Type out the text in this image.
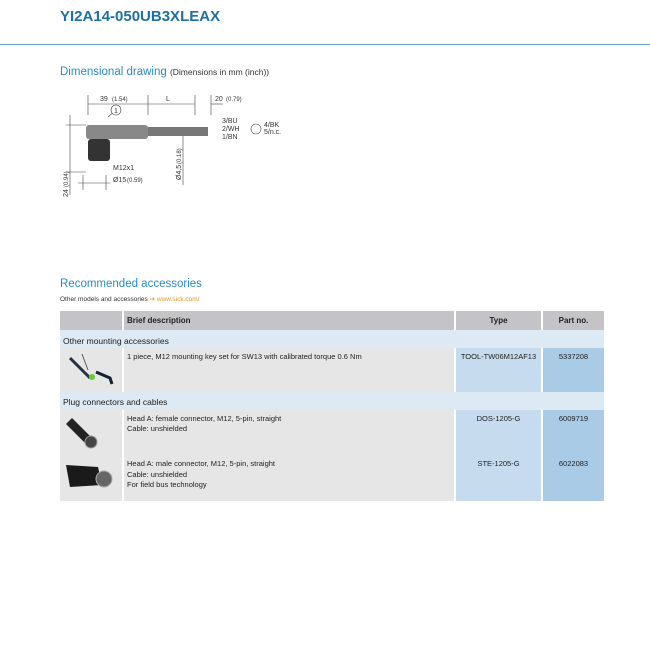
YI2A14-050UB3XLEAX
Dimensional drawing (Dimensions in mm (inch))
1
39 (1.54)	L	20 (0.79)
3/BU
2/WH
1/BN
4/BK
5/n.c.
M12x1
Ø15 (0.59)
24
(0.94)	Ø4,5
(0.18)
Recommended accessories
Other models and accessories ➔ www.sick.com/
	Brief description	Type	Part no.
Other mounting accessories			

1 piece, M12 mounting key set for SW13 with calibrated torque 0.6 Nm	TOOL-TW06M12AF13	5337208
Plug connectors and cables			

Head A: female connector, M12, 5-pin, straight
Cable: unshielded	DOS-1205-G	6009719

Head A: male connector, M12, 5-pin, straight
Cable: unshielded
For field bus technology	STE-1205-G	6022083
